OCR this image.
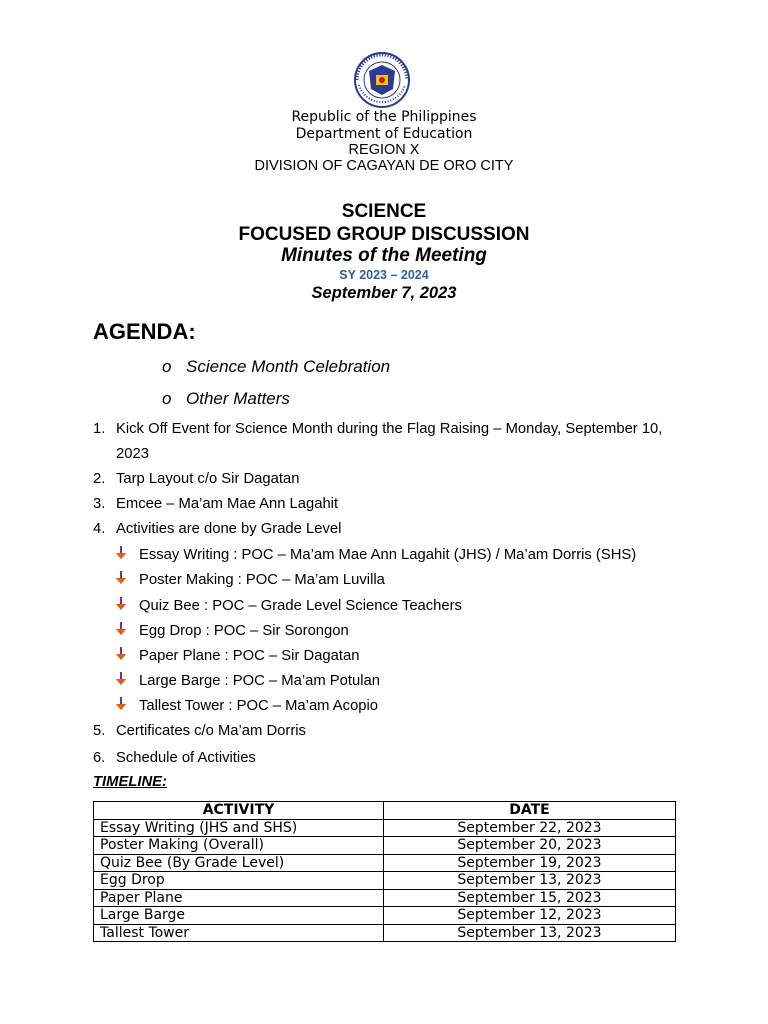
Republic of the Philippines
Department of Education
REGION X
DIVISION OF CAGAYAN DE ORO CITY
SCIENCE
FOCUSED GROUP DISCUSSION
Minutes of the Meeting
SY 2023 – 2024
September 7, 2023
AGENDA:
o Science Month Celebration
o Other Matters
1. Kick Off Event for Science Month during the Flag Raising – Monday, September 10, 2023
2. Tarp Layout c/o Sir Dagatan
3. Emcee – Ma’am Mae Ann Lagahit
4. Activities are done by Grade Level
Essay Writing : POC – Ma’am Mae Ann Lagahit (JHS) / Ma’am Dorris (SHS)
Poster Making : POC – Ma’am Luvilla
Quiz Bee : POC – Grade Level Science Teachers
Egg Drop : POC – Sir Sorongon
Paper Plane : POC – Sir Dagatan
Large Barge : POC – Ma’am Potulan
Tallest Tower : POC – Ma’am Acopio
5. Certificates c/o Ma’am Dorris
6. Schedule of Activities
TIMELINE:
ACTIVITY	DATE
Essay Writing (JHS and SHS)	September 22, 2023
Poster Making (Overall)	September 20, 2023
Quiz Bee (By Grade Level)	September 19, 2023
Egg Drop	September 13, 2023
Paper Plane	September 15, 2023
Large Barge	September 12, 2023
Tallest Tower	September 13, 2023
